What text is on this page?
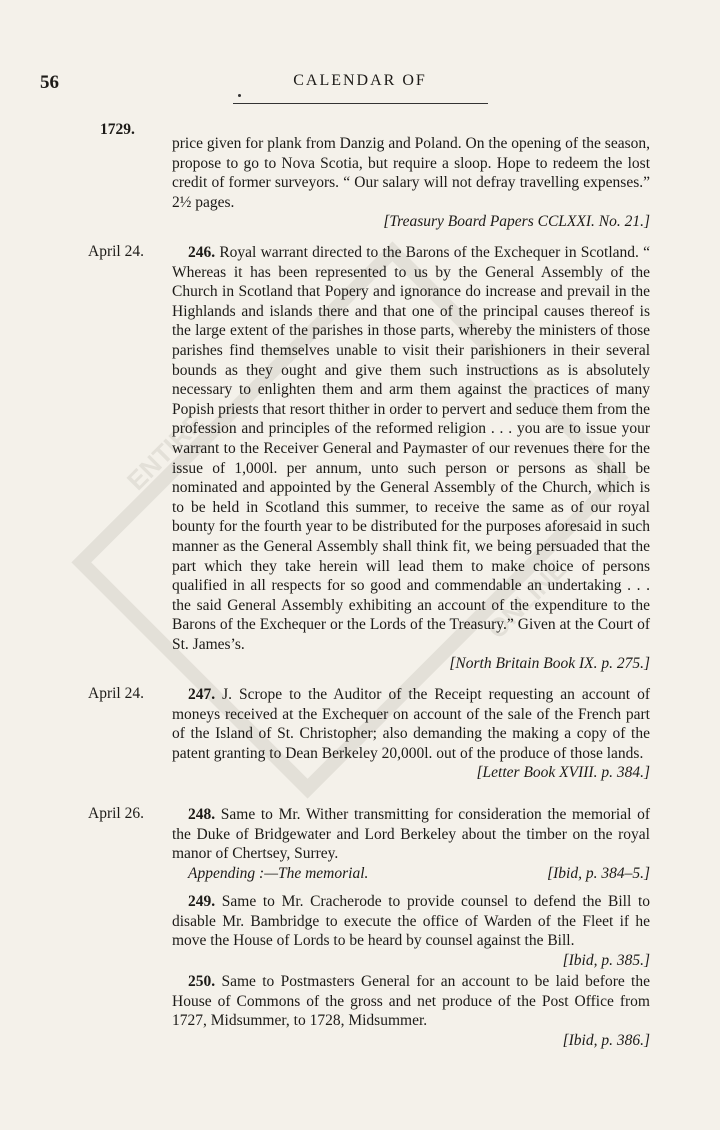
ENTIRE
ONLINE
56	CALENDAR OF
1729.

price given for plank from Danzig and Poland. On the opening of the season, propose to go to Nova Scotia, but require a sloop. Hope to redeem the lost credit of former surveyors. “ Our salary will not defray travelling expenses.” 2½ pages.

[Treasury Board Papers CCLXXI. No. 21.]
April 24.	246. Royal warrant directed to the Barons of the Exchequer in Scotland. “ Whereas it has been represented to us by the General Assembly of the Church in Scotland that Popery and ignorance do increase and prevail in the Highlands and islands there and that one of the principal causes thereof is the large extent of the parishes in those parts, whereby the ministers of those parishes find themselves unable to visit their parishioners in their several bounds as they ought and give them such instructions as is absolutely necessary to enlighten them and arm them against the practices of many Popish priests that resort thither in order to pervert and seduce them from the profession and principles of the reformed religion . . . you are to issue your warrant to the Receiver General and Paymaster of our revenues there for the issue of 1,000l. per annum, unto such person or persons as shall be nominated and appointed by the General Assembly of the Church, which is to be held in Scotland this summer, to receive the same as of our royal bounty for the fourth year to be distributed for the purposes aforesaid in such manner as the General Assembly shall think fit, we being persuaded that the part which they take herein will lead them to make choice of persons qualified in all respects for so good and commendable an undertaking . . . the said General Assembly exhibiting an account of the expenditure to the Barons of the Exchequer or the Lords of the Treasury.” Given at the Court of St. James’s.

[North Britain Book IX. p. 275.]
April 24.	247. J. Scrope to the Auditor of the Receipt requesting an account of moneys received at the Exchequer on account of the sale of the French part of the Island of St. Christopher; also demanding the making a copy of the patent granting to Dean Berkeley 20,000l. out of the produce of those lands.

[Letter Book XVIII. p. 384.]
April 26.	248. Same to Mr. Wither transmitting for consideration the memorial of the Duke of Bridgewater and Lord Berkeley about the timber on the royal manor of Chertsey, Surrey.

Appending :—The memorial.	[Ibid, p. 384–5.]

249. Same to Mr. Cracherode to provide counsel to defend the Bill to disable Mr. Bambridge to execute the office of Warden of the Fleet if he move the House of Lords to be heard by counsel against the Bill.

[Ibid, p. 385.]

250. Same to Postmasters General for an account to be laid before the House of Commons of the gross and net produce of the Post Office from 1727, Midsummer, to 1728, Midsummer.

[Ibid, p. 386.]
